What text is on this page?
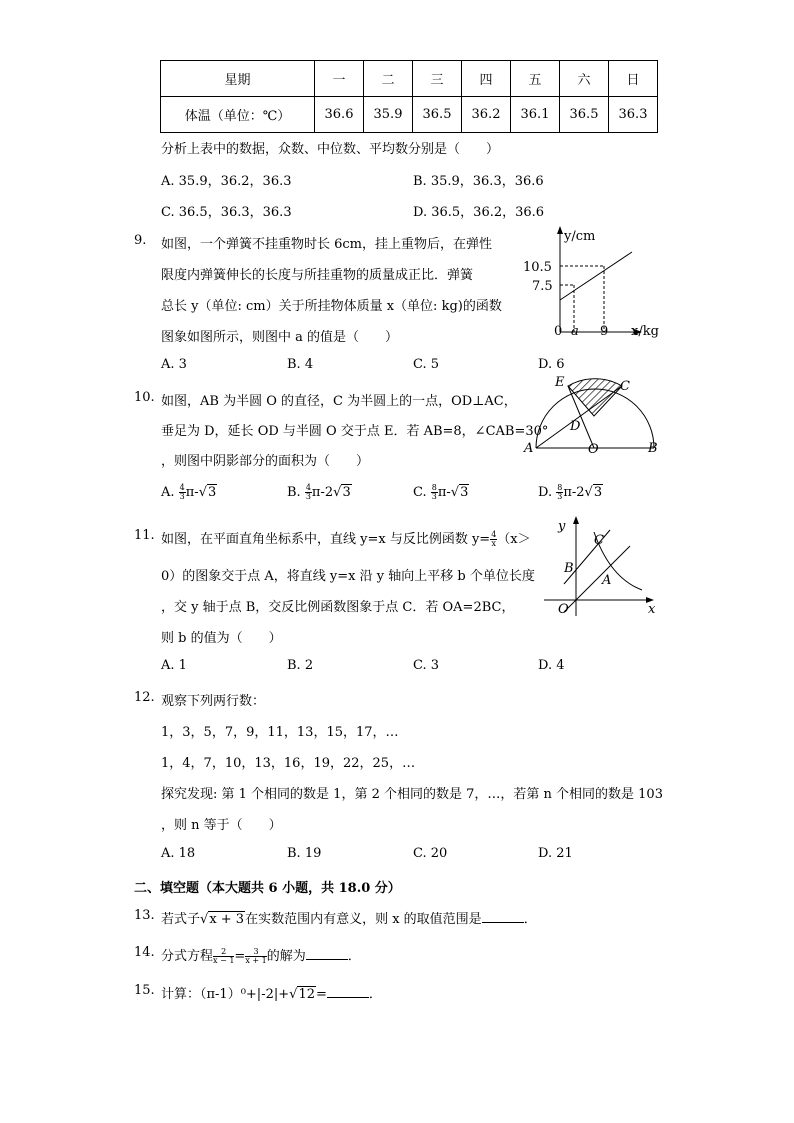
星期	一	二	三	四	五	六	日
体温（单位：℃）	36.6	35.9	36.5	36.2	36.1	36.5	36.3
分析上表中的数据，众数、中位数、平均数分别是（　　）
A. 35.9，36.2，36.3	B. 35.9，36.3，36.6
C. 36.5，36.3，36.3	D. 36.5，36.2，36.6
9. 如图，一个弹簧不挂重物时长 6cm，挂上重物后，在弹性
限度内弹簧伸长的长度与所挂重物的质量成正比．弹簧
总长 y（单位: cm）关于所挂物体质量 x（单位: kg)的函数
图象如图所示，则图中 a 的值是（　　）
A. 3	B. 4	C. 5	D. 6
y/cm
10.5
7.5
0 a 9 x/kg
10. 如图，AB 为半圆 O 的直径，C 为半圆上的一点，OD⊥AC，
垂足为 D，延长 OD 与半圆 O 交于点 E．若 AB=8，∠CAB=30°
，则图中阴影部分的面积为（　　）
A. $\frac{4}{3} \pi-√3$	B. $\frac{4}{3} \pi-2√3$	C. $\frac{8}{3} \pi-√3$	D. $\frac{8}{3} \pi-2√3$
E	C
D
A	O	B
11. 如图，在平面直角坐标系中，直线 y=x 与反比例函数 $y= \frac{4}{x} (x>$
0）的图象交于点 A，将直线 y=x 沿 y 轴向上平移 b 个单位长度
，交 y 轴于点 B，交反比例函数图象于点 C．若 OA=2BC，
则 b 的值为（　　）
A. 1	B. 2	C. 3	D. 4
y
x
O
A
B
C
12. 观察下列两行数：
1，3，5，7，9，11，13，15，17，…
1，4，7，10，13，16，19，22，25，…
探究发现: 第 1 个相同的数是 1，第 2 个相同的数是 7，…，若第 n 个相同的数是 103
，则 n 等于（　　）
A. 18	B. 19	C. 20	D. 21
二、填空题（本大题共 6 小题，共 18.0 分）
13. 若式子√x + 3在实数范围内有意义，则 x 的取值范围是	．
14. 分式方程 $\frac{2}{x - 1} = \frac{3}{x + 1}$ 的解为	．
15. 计算：（π-1）⁰+|-2|+√12=	．
